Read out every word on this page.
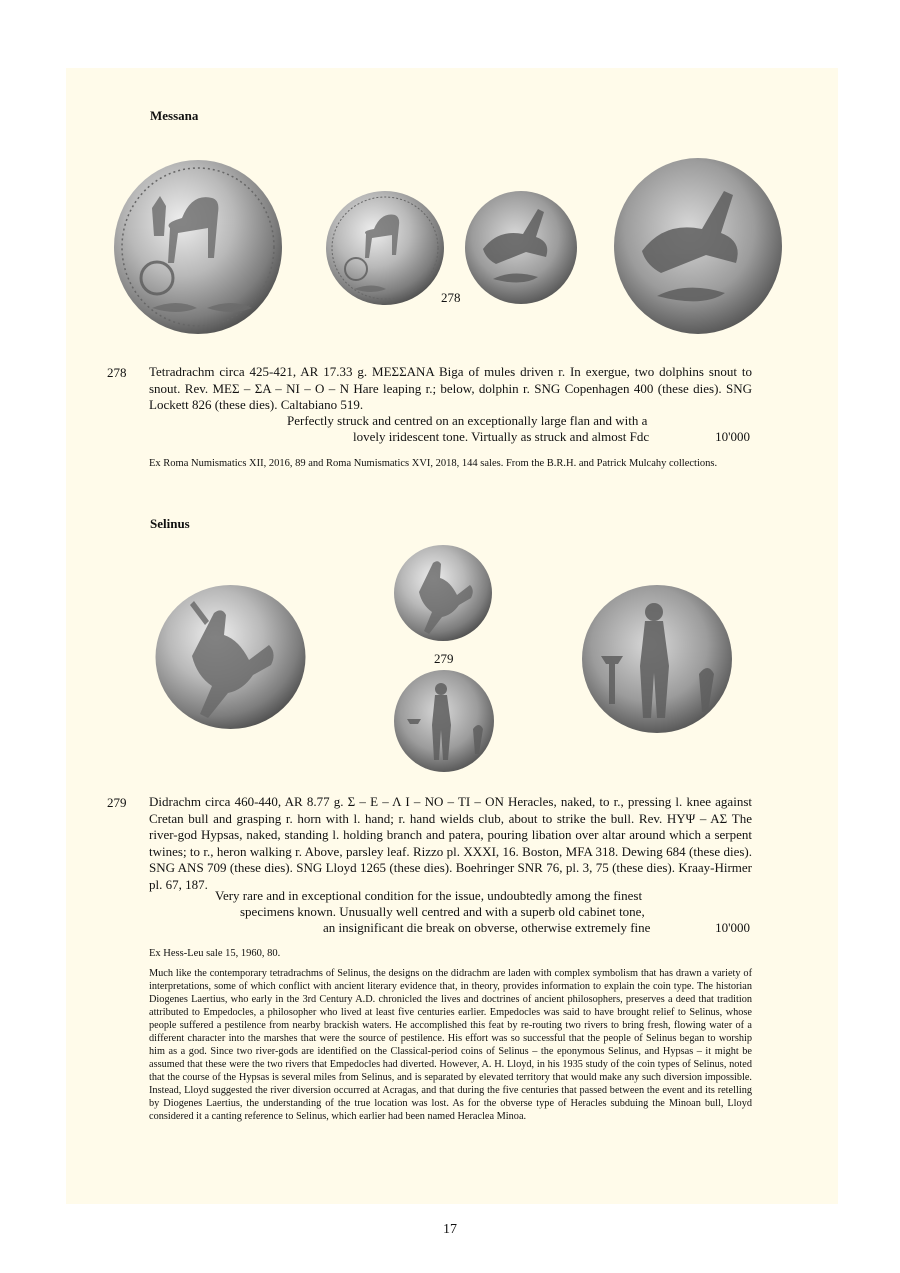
Messana
278
278 Tetradrachm circa 425-421, AR 17.33 g. ΜΕΣΣΑΝΑ Biga of mules driven r. In exergue, two dolphins snout to snout. Rev. ΜΕΣ – ΣΑ – ΝΙ – Ο – Ν Hare leaping r.; below, dolphin r. SNG Copenhagen 400 (these dies). SNG Lockett 826 (these dies). Caltabiano 519.

Perfectly struck and centred on an exceptionally large flan and with a
lovely iridescent tone. Virtually as struck and almost Fdc	10'000

Ex Roma Numismatics XII, 2016, 89 and Roma Numismatics XVI, 2018, 144 sales. From the B.R.H. and Patrick Mulcahy collections.

Selinus
279
279 Didrachm circa 460-440, AR 8.77 g. Σ – Ε – Λ Ι – ΝΟ – ΤΙ – ΟΝ Heracles, naked, to r., pressing l. knee against Cretan bull and grasping r. horn with l. hand; r. hand wields club, about to strike the bull. Rev. ΗΥΨ – ΑΣ The river-god Hypsas, naked, standing l. holding branch and patera, pouring libation over altar around which a serpent twines; to r., heron walking r. Above, parsley leaf. Rizzo pl. XXXI, 16. Boston, MFA 318. Dewing 684 (these dies). SNG ANS 709 (these dies). SNG Lloyd 1265 (these dies). Boehringer SNR 76, pl. 3, 75 (these dies). Kraay-Hirmer pl. 67, 187.

Very rare and in exceptional condition for the issue, undoubtedly among the finest
specimens known. Unusually well centred and with a superb old cabinet tone,
an insignificant die break on obverse, otherwise extremely fine	10'000

Ex Hess-Leu sale 15, 1960, 80.

Much like the contemporary tetradrachms of Selinus, the designs on the didrachm are laden with complex symbolism that has drawn a variety of interpretations, some of which conflict with ancient literary evidence that, in theory, provides information to explain the coin type. The historian Diogenes Laertius, who early in the 3rd Century A.D. chronicled the lives and doctrines of ancient philosophers, preserves a deed that tradition attributed to Empedocles, a philosopher who lived at least five centuries earlier. Empedocles was said to have brought relief to Selinus, whose people suffered a pestilence from nearby brackish waters. He accomplished this feat by re-routing two rivers to bring fresh, flowing water of a different character into the marshes that were the source of pestilence. His effort was so successful that the people of Selinus began to worship him as a god. Since two river-gods are identified on the Classical-period coins of Selinus – the eponymous Selinus, and Hypsas – it might be assumed that these were the two rivers that Empedocles had diverted. However, A. H. Lloyd, in his 1935 study of the coin types of Selinus, noted that the course of the Hypsas is several miles from Selinus, and is separated by elevated territory that would make any such diversion impossible. Instead, Lloyd suggested the river diversion occurred at Acragas, and that during the five centuries that passed between the event and its retelling by Diogenes Laertius, the understanding of the true location was lost. As for the obverse type of Heracles subduing the Minoan bull, Lloyd considered it a canting reference to Selinus, which earlier had been named Heraclea Minoa.

17
